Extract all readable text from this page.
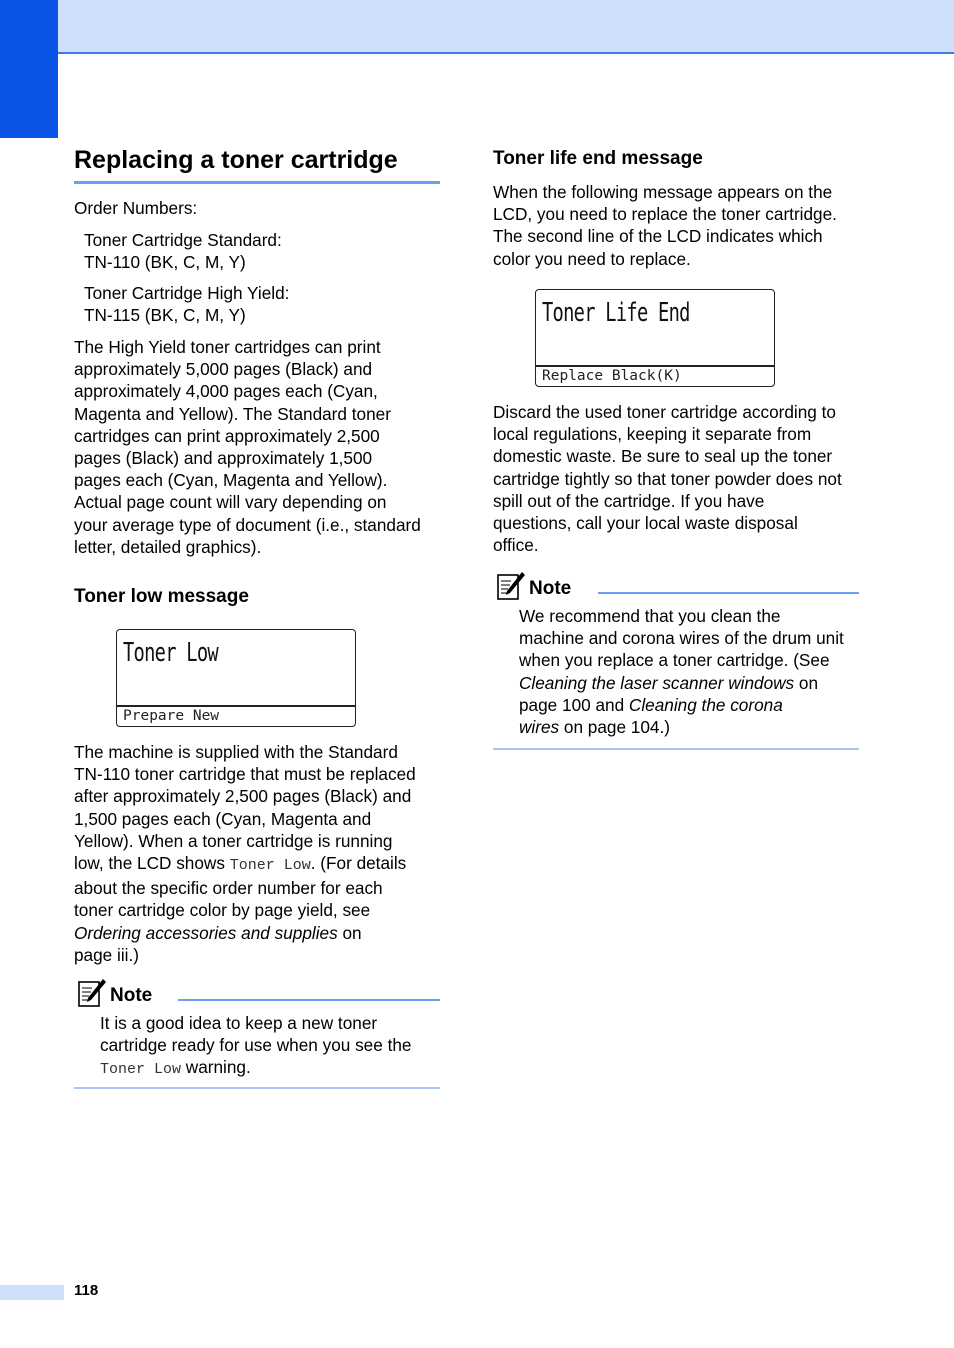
Replacing a toner cartridge

Order Numbers:

Toner Cartridge Standard:
TN-110 (BK, C, M, Y)

Toner Cartridge High Yield:
TN-115 (BK, C, M, Y)

The High Yield toner cartridges can print
approximately 5,000 pages (Black) and
approximately 4,000 pages each (Cyan,
Magenta and Yellow). The Standard toner
cartridges can print approximately 2,500
pages (Black) and approximately 1,500
pages each (Cyan, Magenta and Yellow).
Actual page count will vary depending on
your average type of document (i.e., standard
letter, detailed graphics).

Toner low message
Toner Low
Prepare New

The machine is supplied with the Standard
TN-110 toner cartridge that must be replaced
after approximately 2,500 pages (Black) and
1,500 pages each (Cyan, Magenta and
Yellow). When a toner cartridge is running
low, the LCD shows Toner Low. (For details
about the specific order number for each
toner cartridge color by page yield, see
Ordering accessories and supplies on
page iii.)

Note

It is a good idea to keep a new toner
cartridge ready for use when you see the
Toner Low warning.

Toner life end message

When the following message appears on the
LCD, you need to replace the toner cartridge.
The second line of the LCD indicates which
color you need to replace.

Toner Life End
Replace Black(K)

Discard the used toner cartridge according to
local regulations, keeping it separate from
domestic waste. Be sure to seal up the toner
cartridge tightly so that toner powder does not
spill out of the cartridge. If you have
questions, call your local waste disposal
office.

Note

We recommend that you clean the
machine and corona wires of the drum unit
when you replace a toner cartridge. (See
Cleaning the laser scanner windows on
page 100 and Cleaning the corona
wires on page 104.)

118
